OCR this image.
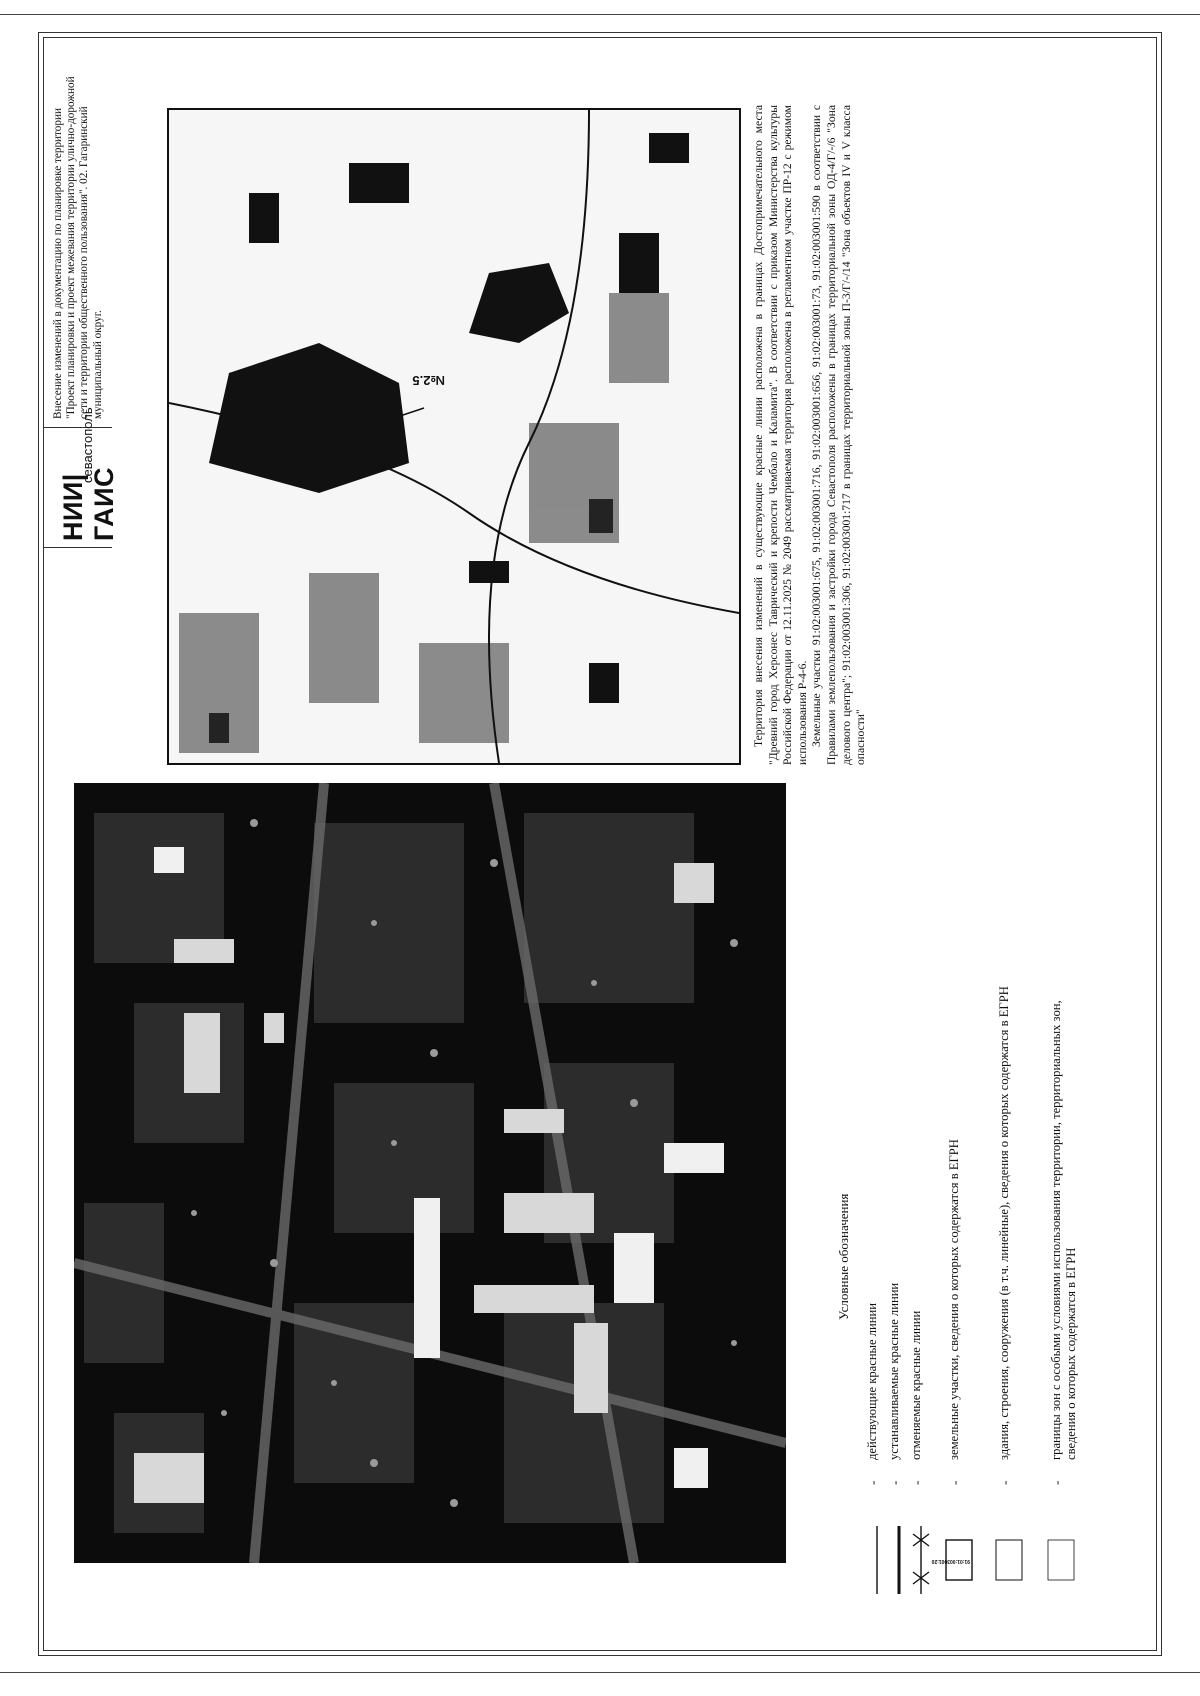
№2.5	Территория внесения изменений в существующие красные линии расположена в границах Достопримечательного места "Древний город Херсонес Таврический и крепости Чембало и Каламита". В соответствии с приказом Министерства культуры Российской Федерации от 12.11.2025 № 2049 рассматриваемая территория расположена в регламентном участке ПР-12 с режимом использования Р-4-6. Земельные участки 91:02:003001:675, 91:02:003001:716, 91:02:003001:656, 91:02:003001:73, 91:02:003001:590 в соответствии с Правилами землепользования и застройки города Севастополя расположены в границах территориальной зоны ОД-4/Г/-/6 "Зона делового центра"; 91:02:003001:306, 91:02:003001:717 в границах территориальной зоны П-3/Г/-/14 "Зона объектов IV и V класса опасности"

Условные обозначения
-
действующие красные линии
-
устанавливаемые красные линии
-
отменяемые красные линии
91:01:003001:20
-
земельные участки, сведения о которых содержатся в ЕГРН
-
здания, строения, сооружения (в т.ч. линейные), сведения о которых содержатся в ЕГРН
-
границы зон с особыми условиями использования территории, территориальных зон, сведения о которых содержатся в ЕГРН
НИИ|ГАИС
севастополь
Внесение изменений в документацию по планировке территории "Проект планировки и проект межевания территории улично-дорожной сети и территории общественного пользования". 02. Гагаринский муниципальный округ.
